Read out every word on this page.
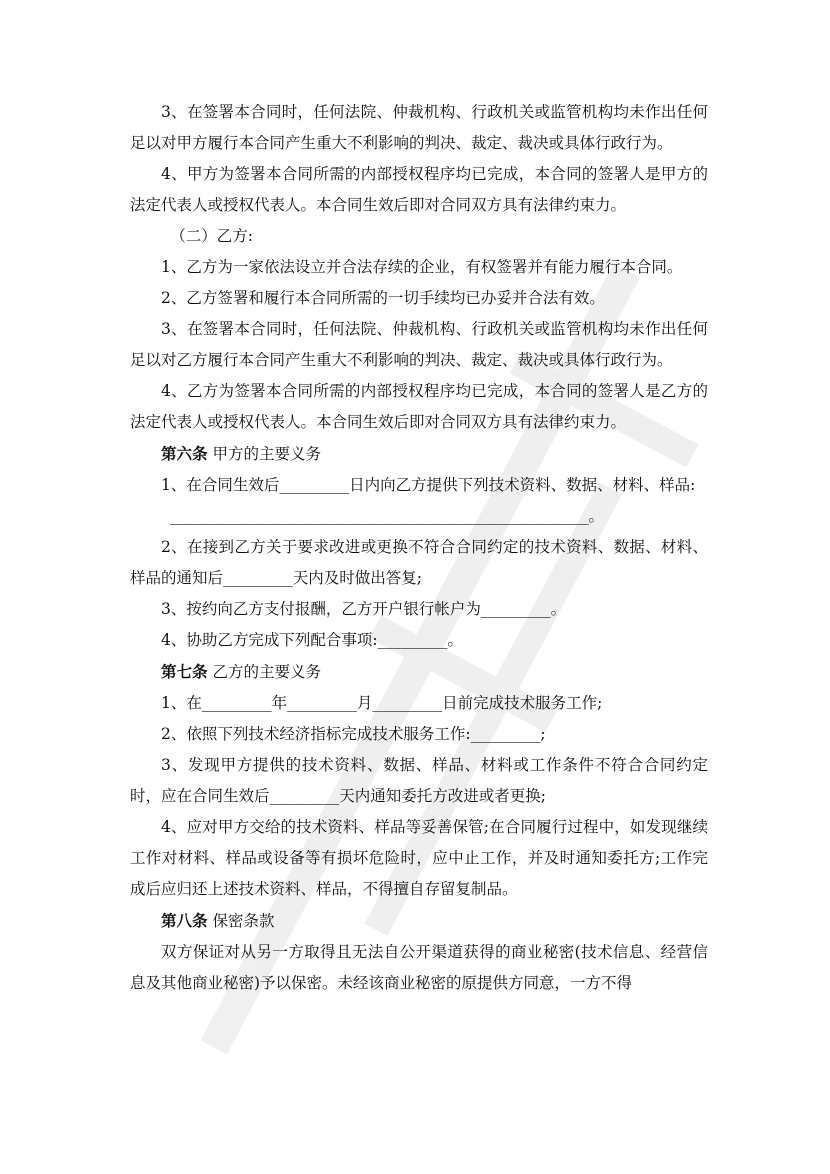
3、在签署本合同时，任何法院、仲裁机构、行政机关或监管机构均未作出任何足以对甲方履行本合同产生重大不利影响的判决、裁定、裁决或具体行政行为。

4、甲方为签署本合同所需的内部授权程序均已完成，本合同的签署人是甲方的法定代表人或授权代表人。本合同生效后即对合同双方具有法律约束力。

（二）乙方:

1、乙方为一家依法设立并合法存续的企业，有权签署并有能力履行本合同。

2、乙方签署和履行本合同所需的一切手续均已办妥并合法有效。

3、在签署本合同时，任何法院、仲裁机构、行政机关或监管机构均未作出任何足以对乙方履行本合同产生重大不利影响的判决、裁定、裁决或具体行政行为。

4、乙方为签署本合同所需的内部授权程序均已完成，本合同的签署人是乙方的法定代表人或授权代表人。本合同生效后即对合同双方具有法律约束力。

第六条 甲方的主要义务

1、在合同生效后_________日内向乙方提供下列技术资料、数据、材料、样品:

______________________________________________________。

2、在接到乙方关于要求改进或更换不符合合同约定的技术资料、数据、材料、样品的通知后_________天内及时做出答复;

3、按约向乙方支付报酬，乙方开户银行帐户为_________。

4、协助乙方完成下列配合事项:_________。

第七条 乙方的主要义务

1、在_________年_________月_________日前完成技术服务工作;

2、依照下列技术经济指标完成技术服务工作:_________;

3、发现甲方提供的技术资料、数据、样品、材料或工作条件不符合合同约定时，应在合同生效后_________天内通知委托方改进或者更换;

4、应对甲方交给的技术资料、样品等妥善保管;在合同履行过程中，如发现继续工作对材料、样品或设备等有损坏危险时，应中止工作，并及时通知委托方;工作完成后应归还上述技术资料、样品，不得擅自存留复制品。

第八条 保密条款

双方保证对从另一方取得且无法自公开渠道获得的商业秘密(技术信息、经营信息及其他商业秘密)予以保密。未经该商业秘密的原提供方同意，一方不得
